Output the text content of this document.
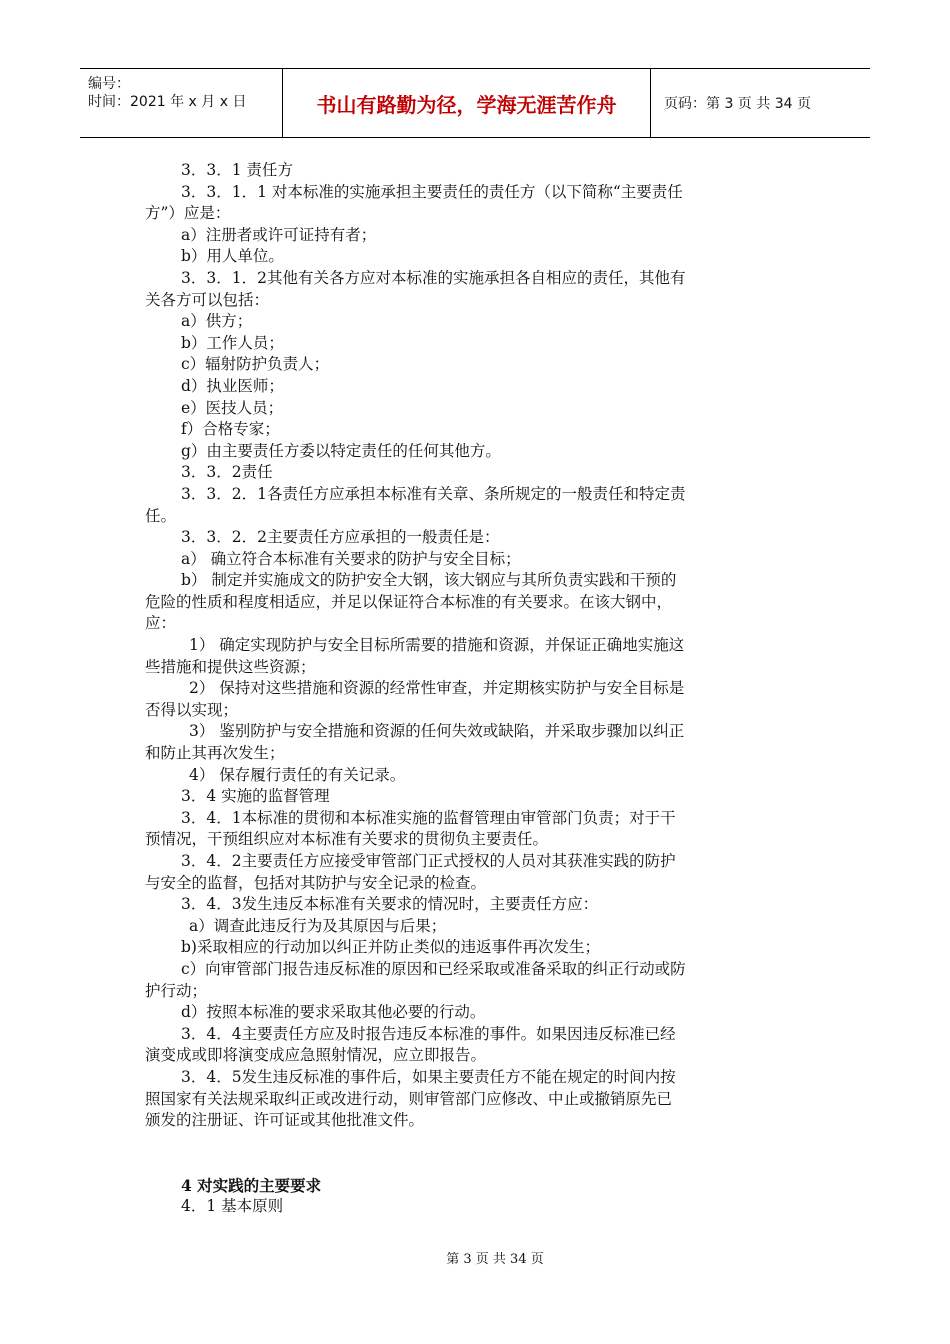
编号：
时间：2021 年 x 月 x 日	书山有路勤为径，学海无涯苦作舟	页码：第 3 页 共 34 页
3．3．1 责任方
3．3．1．1 对本标准的实施承担主要责任的责任方（以下简称“主要责任
方”）应是：
a）注册者或许可证持有者；
b）用人单位。
3．3．1．2其他有关各方应对本标准的实施承担各自相应的责任，其他有
关各方可以包括：
a）供方；
b）工作人员；
c）辐射防护负责人；
d）执业医师；
e）医技人员；
f）合格专家；
g）由主要责任方委以特定责任的任何其他方。
3．3．2责任
3．3．2．1各责任方应承担本标准有关章、条所规定的一般责任和特定责
任。
3．3．2．2主要责任方应承担的一般责任是：
a） 确立符合本标准有关要求的防护与安全目标；
b） 制定并实施成文的防护安全大钢，该大钢应与其所负责实践和干预的
危险的性质和程度相适应，并足以保证符合本标准的有关要求。在该大钢中，
应：
1） 确定实现防护与安全目标所需要的措施和资源，并保证正确地实施这
些措施和提供这些资源；
2） 保持对这些措施和资源的经常性审查，并定期核实防护与安全目标是
否得以实现；
3） 鉴别防护与安全措施和资源的任何失效或缺陷，并采取步骤加以纠正
和防止其再次发生；
4） 保存履行责任的有关记录。
3．4 实施的监督管理
3．4．1本标准的贯彻和本标准实施的监督管理由审管部门负责；对于干
预情况，干预组织应对本标准有关要求的贯彻负主要责任。
3．4．2主要责任方应接受审管部门正式授权的人员对其获准实践的防护
与安全的监督，包括对其防护与安全记录的检查。
3．4．3发生违反本标准有关要求的情况时，主要责任方应：
a）调查此违反行为及其原因与后果；
b)采取相应的行动加以纠正并防止类似的违返事件再次发生；
c）向审管部门报告违反标准的原因和已经采取或准备采取的纠正行动或防
护行动；
d）按照本标准的要求采取其他必要的行动。
3．4．4主要责任方应及时报告违反本标准的事件。如果因违反标准已经
演变成或即将演变成应急照射情况，应立即报告。
3．4．5发生违反标准的事件后，如果主要责任方不能在规定的时间内按
照国家有关法规采取纠正或改进行动，则审管部门应修改、中止或撤销原先已
颁发的注册证、许可证或其他批准文件。
4 对实践的主要要求
4．1 基本原则
第 3 页 共 34 页
